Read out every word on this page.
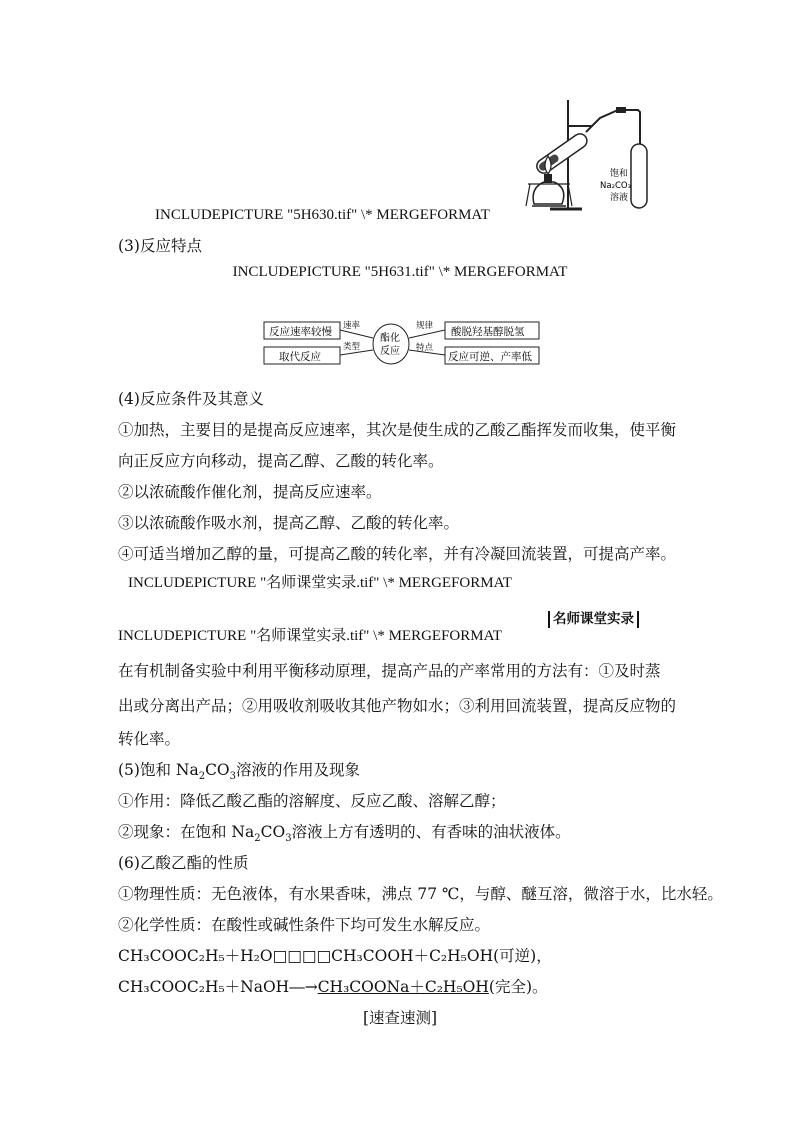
饱和
Na₂CO₃
溶液
INCLUDEPICTURE "5H630.tif" \* MERGEFORMAT
(3)反应特点
INCLUDEPICTURE "5H631.tif" \* MERGEFORMAT
反应速率较慢
取代反应
速率
类型
酯化
反应
规律
特点
酸脱羟基醇脱氢
反应可逆、产率低
(4)反应条件及其意义
①加热，主要目的是提高反应速率，其次是使生成的乙酸乙酯挥发而收集，使平衡
向正反应方向移动，提高乙醇、乙酸的转化率。
②以浓硫酸作催化剂，提高反应速率。
③以浓硫酸作吸水剂，提高乙醇、乙酸的转化率。
④可适当增加乙醇的量，可提高乙酸的转化率，并有冷凝回流装置，可提高产率。
INCLUDEPICTURE "名师课堂实录.tif" \* MERGEFORMAT
INCLUDEPICTURE "名师课堂实录.tif" \* MERGEFORMAT
名师课堂实录
在有机制备实验中利用平衡移动原理，提高产品的产率常用的方法有：①及时蒸
出或分离出产品；②用吸收剂吸收其他产物如水；③利用回流装置，提高反应物的
转化率。
(5)饱和 $Na_2CO_3$溶液的作用及现象
①作用：降低乙酸乙酯的溶解度、反应乙酸、溶解乙醇；
②现象：在饱和 $Na_2CO_3$溶液上方有透明的、有香味的油状液体。
(6)乙酸乙酯的性质
①物理性质：无色液体，有水果香味，沸点 77 ℃，与醇、醚互溶，微溶于水，比水轻。
②化学性质：在酸性或碱性条件下均可发生水解反应。
CH₃COOC₂H₅＋H₂O□□□□CH₃COOH＋C₂H₅OH(可逆)，
CH₃COOC₂H₅＋NaOH―→CH₃COONa＋C₂H₅OH(完全)。
[速查速测]
